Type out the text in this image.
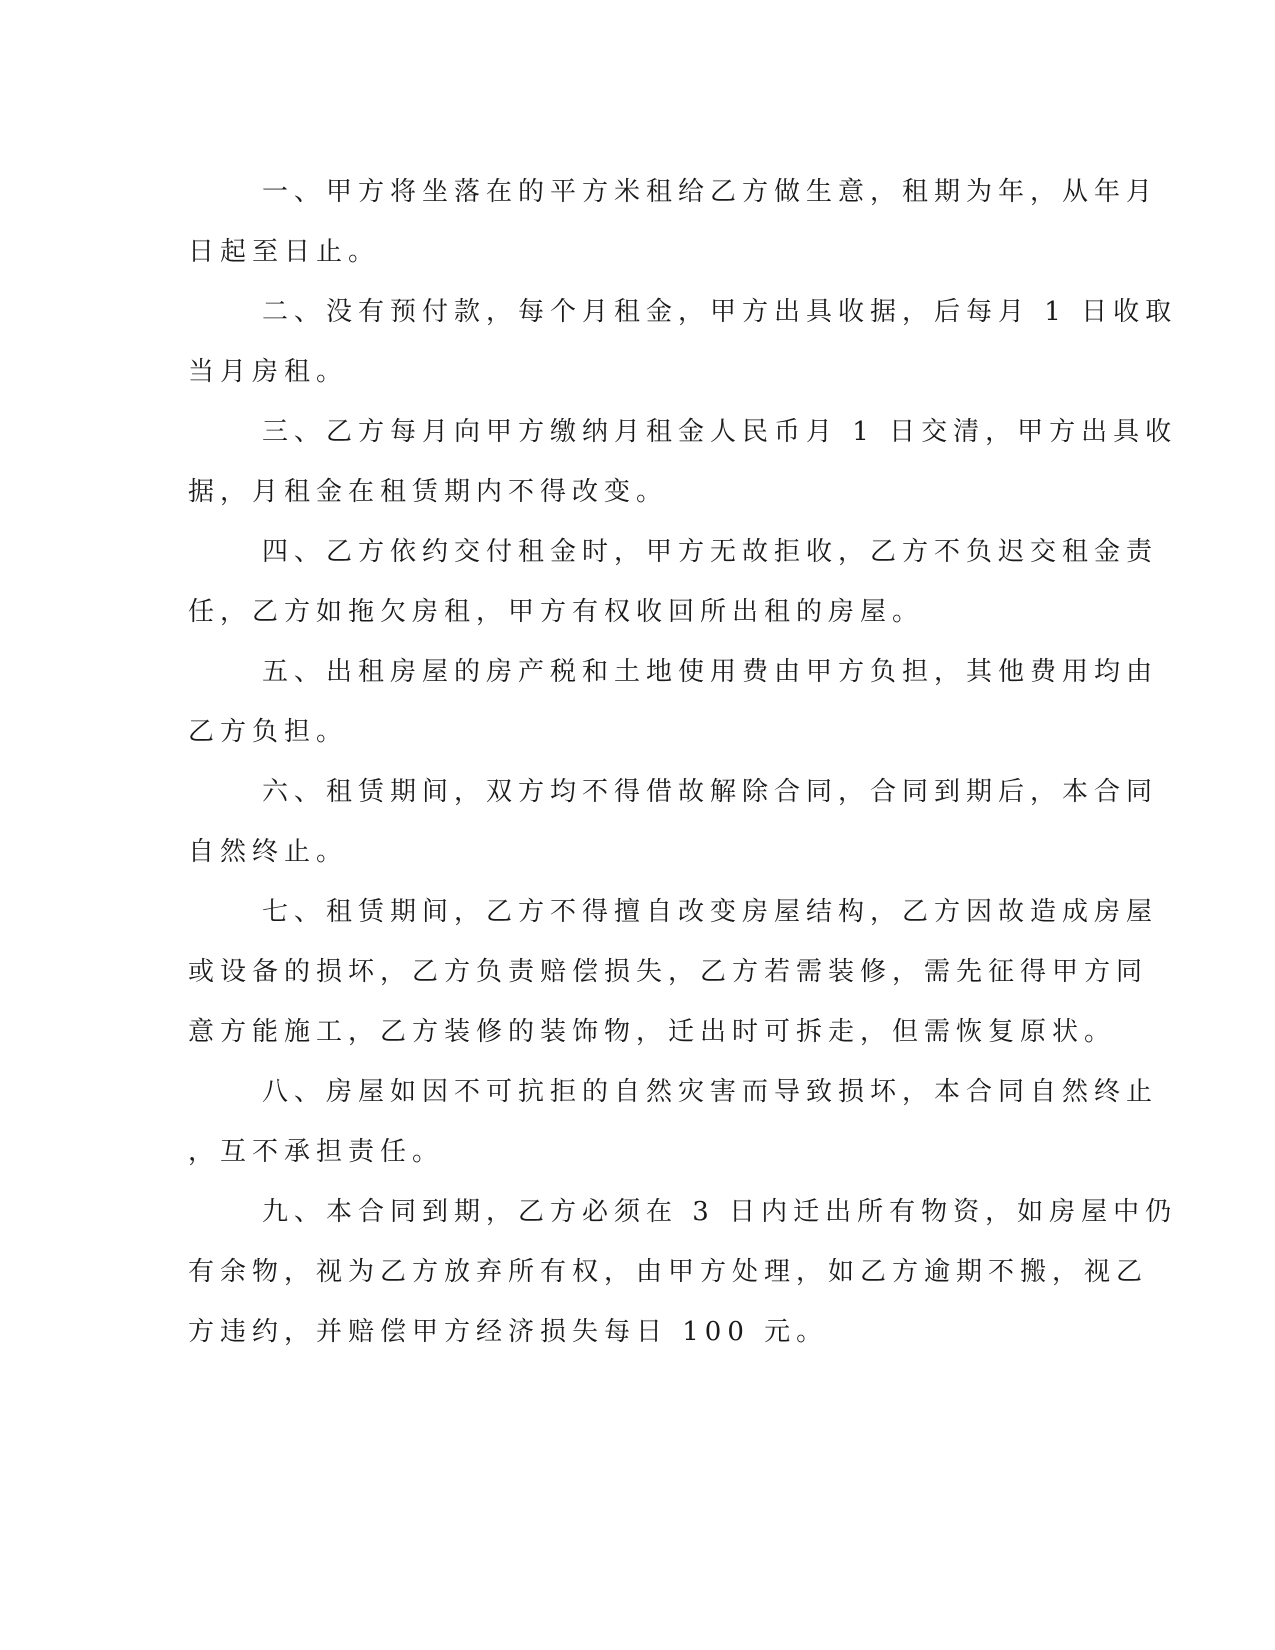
一、甲方将坐落在的平方米租给乙方做生意，租期为年，从年月
日起至日止。
二、没有预付款，每个月租金，甲方出具收据，后每月 1 日收取
当月房租。
三、乙方每月向甲方缴纳月租金人民币月 1 日交清，甲方出具收
据，月租金在租赁期内不得改变。
四、乙方依约交付租金时，甲方无故拒收，乙方不负迟交租金责
任，乙方如拖欠房租，甲方有权收回所出租的房屋。
五、出租房屋的房产税和土地使用费由甲方负担，其他费用均由
乙方负担。
六、租赁期间，双方均不得借故解除合同，合同到期后，本合同
自然终止。
七、租赁期间，乙方不得擅自改变房屋结构，乙方因故造成房屋
或设备的损坏，乙方负责赔偿损失，乙方若需装修，需先征得甲方同
意方能施工，乙方装修的装饰物，迁出时可拆走，但需恢复原状。
八、房屋如因不可抗拒的自然灾害而导致损坏，本合同自然终止
，互不承担责任。
九、本合同到期，乙方必须在 3 日内迁出所有物资，如房屋中仍
有余物，视为乙方放弃所有权，由甲方处理，如乙方逾期不搬，视乙
方违约，并赔偿甲方经济损失每日 100 元。
